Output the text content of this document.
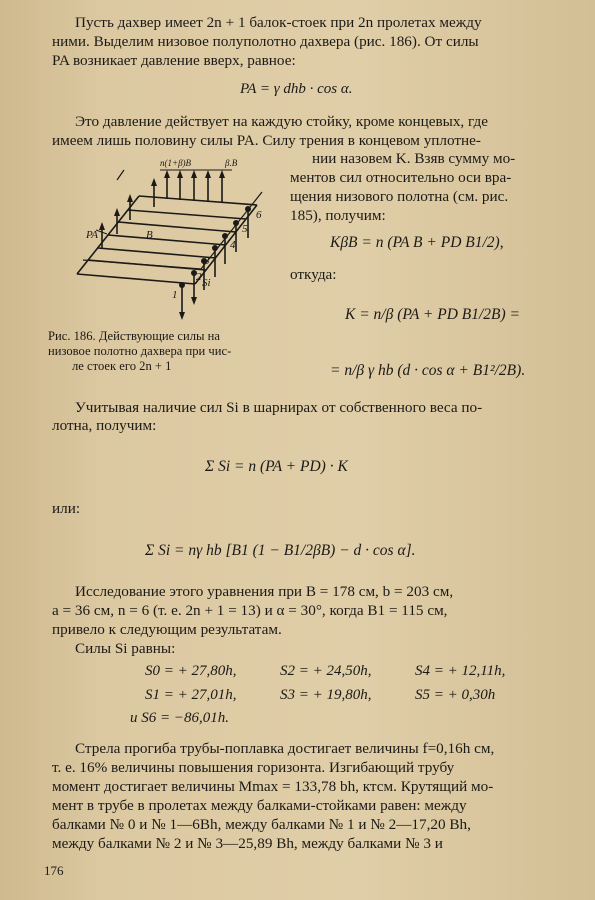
Пусть дахвер имеет 2n + 1 балок-стоек при 2n пролетах между
ними. Выделим низовое полуполотно дахвера (рис. 186). От силы
PA возникает давление вверх, равное:
PA = γ dhb · cos α.
Это давление действует на каждую стойку, кроме концевых, где
имеем лишь половину силы PA. Силу трения в концевом уплотне-
нии назовем K. Взяв сумму мо-
ментов сил относительно оси вра-
щения низового полотна (см. рис.
185), получим:
n(1+β)B	β.B
PA	B
6
5
4
3
2
1
Si
KβB = n (PA B + PD B1/2),
откуда:
K = n/β (PA + PD B1/2B) =
= n/β γ hb (d · cos α + B1²/2B).
Рис. 186. Действующие силы на
низовое полотно дахвера при чис-
ле стоек его 2n + 1
Учитывая наличие сил Si в шарнирах от собственного веса по-
лотна, получим:
Σ Si = n (PA + PD) · K
или:
Σ Si = nγ hb [B1 (1 − B1/2βB) − d · cos α].
Исследование этого уравнения при B = 178 см, b = 203 см,
a = 36 см, n = 6 (т. е. 2n + 1 = 13) и α = 30°, когда B1 = 115 см,
привело к следующим результатам.
Силы Si равны:
S0 = + 27,80h,	S2 = + 24,50h,	S4 = + 12,11h,
S1 = + 27,01h,	S3 = + 19,80h,	S5 = + 0,30h
и S6 = −86,01h.
Стрела прогиба трубы-поплавка достигает величины f=0,16h см,
т. е. 16% величины повышения горизонта. Изгибающий трубу
момент достигает величины Mmax = 133,78 bh, ктсм. Крутящий мо-
мент в трубе в пролетах между балками-стойками равен: между
балками № 0 и № 1—6Bh, между балками № 1 и № 2—17,20 Bh,
между балками № 2 и № 3—25,89 Bh, между балками № 3 и
176
